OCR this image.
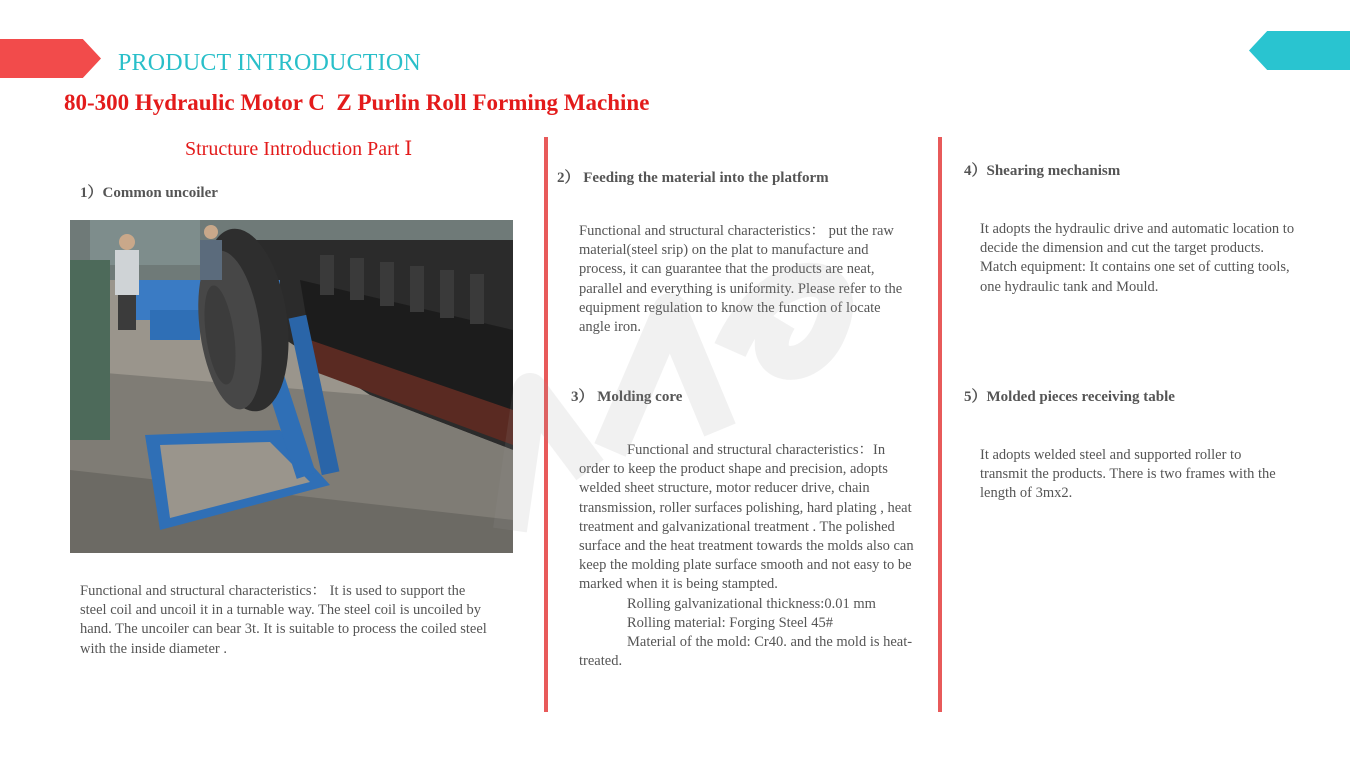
PRODUCT INTRODUCTION
80-300 Hydraulic Motor C  Z Purlin Roll Forming Machine
Structure Introduction Part Ⅰ
1）Common uncoiler
Functional and structural characteristics： It is used to support the steel coil and uncoil it in a turnable way. The steel coil is uncoiled by hand. The uncoiler can bear 3t. It is suitable to process the coiled steel with the inside diameter .
2） Feeding the material into the platform
Functional and structural characteristics： put the raw material(steel srip) on the plat to manufacture and process, it can guarantee that the products are neat, parallel and everything is uniformity. Please refer to the equipment regulation to know the function of locate angle iron.
3） Molding core

Functional and structural characteristics：In order to keep the product shape and precision, adopts welded sheet structure, motor reducer drive, chain transmission, roller surfaces polishing, hard plating , heat treatment and galvanizational treatment . The polished surface and the heat treatment towards the molds also can keep the molding plate surface smooth and not easy to be marked when it is being stampted.

Rolling galvanizational thickness:0.01 mm

Rolling material: Forging Steel 45#

Material of the mold: Cr40. and the mold is heat-treated.

4）Shearing mechanism

It adopts the hydraulic drive and automatic location to decide the dimension and cut the target products.

Match equipment: It contains one set of cutting tools, one hydraulic tank and Mould.

5）Molded pieces receiving table
It adopts welded steel and supported roller to transmit the products. There is two frames with the length of 3mx2.
